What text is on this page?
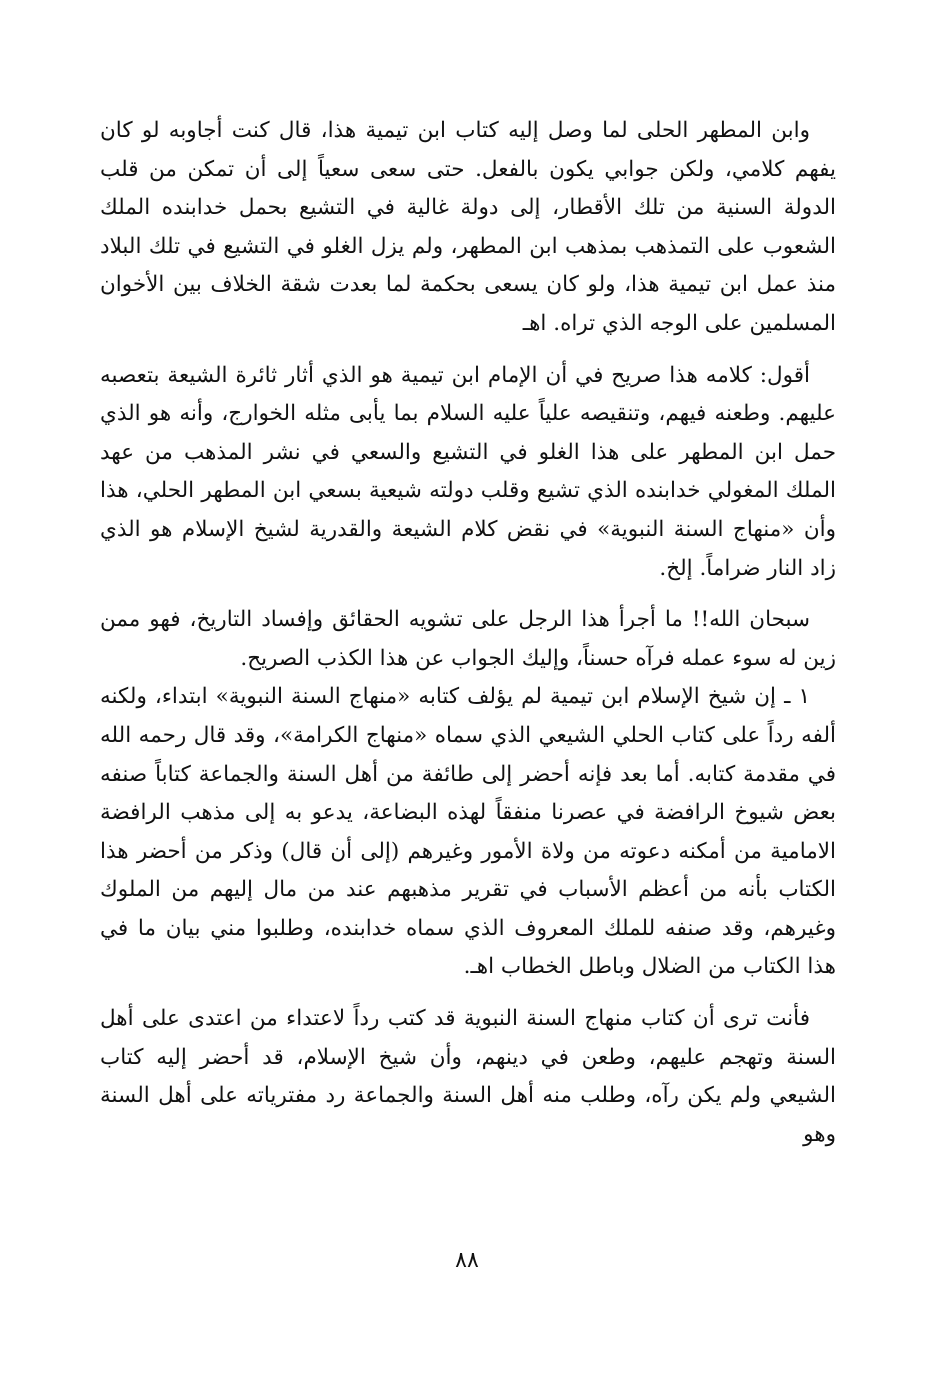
وابن المطهر الحلى لما وصل إليه كتاب ابن تيمية هذا، قال كنت أجاوبه لو كان يفهم كلامي، ولكن جوابي يكون بالفعل. حتى سعى سعياً إلى أن تمكن من قلب الدولة السنية من تلك الأقطار، إلى دولة غالية في التشيع بحمل خدابنده الملك الشعوب على التمذهب بمذهب ابن المطهر، ولم يزل الغلو في التشيع في تلك البلاد منذ عمل ابن تيمية هذا، ولو كان يسعى بحكمة لما بعدت شقة الخلاف بين الأخوان المسلمين على الوجه الذي تراه. اهـ

أقول: كلامه هذا صريح في أن الإمام ابن تيمية هو الذي أثار ثائرة الشيعة بتعصبه عليهم. وطعنه فيهم، وتنقيصه علياً عليه السلام بما يأبى مثله الخوارج، وأنه هو الذي حمل ابن المطهر على هذا الغلو في التشيع والسعي في نشر المذهب من عهد الملك المغولي خدابنده الذي تشيع وقلب دولته شيعية بسعي ابن المطهر الحلي، هذا وأن «منهاج السنة النبوية» في نقض كلام الشيعة والقدرية لشيخ الإسلام هو الذي زاد النار ضراماً. إلخ.

سبحان الله!! ما أجرأ هذا الرجل على تشويه الحقائق وإفساد التاريخ، فهو ممن زين له سوء عمله فرآه حسناً، وإليك الجواب عن هذا الكذب الصريح.

١ ـ إن شيخ الإسلام ابن تيمية لم يؤلف كتابه «منهاج السنة النبوية» ابتداء، ولكنه ألفه رداً على كتاب الحلي الشيعي الذي سماه «منهاج الكرامة»، وقد قال رحمه الله في مقدمة كتابه. أما بعد فإنه أحضر إلى طائفة من أهل السنة والجماعة كتاباً صنفه بعض شيوخ الرافضة في عصرنا منفقاً لهذه البضاعة، يدعو به إلى مذهب الرافضة الامامية من أمكنه دعوته من ولاة الأمور وغيرهم (إلى أن قال) وذكر من أحضر هذا الكتاب بأنه من أعظم الأسباب في تقرير مذهبهم عند من مال إليهم من الملوك وغيرهم، وقد صنفه للملك المعروف الذي سماه خدابنده، وطلبوا مني بيان ما في هذا الكتاب من الضلال وباطل الخطاب اهـ.

فأنت ترى أن كتاب منهاج السنة النبوية قد كتب رداً لاعتداء من اعتدى على أهل السنة وتهجم عليهم، وطعن في دينهم، وأن شيخ الإسلام، قد أحضر إليه كتاب الشيعي ولم يكن رآه، وطلب منه أهل السنة والجماعة رد مفترياته على أهل السنة وهو

٨٨
